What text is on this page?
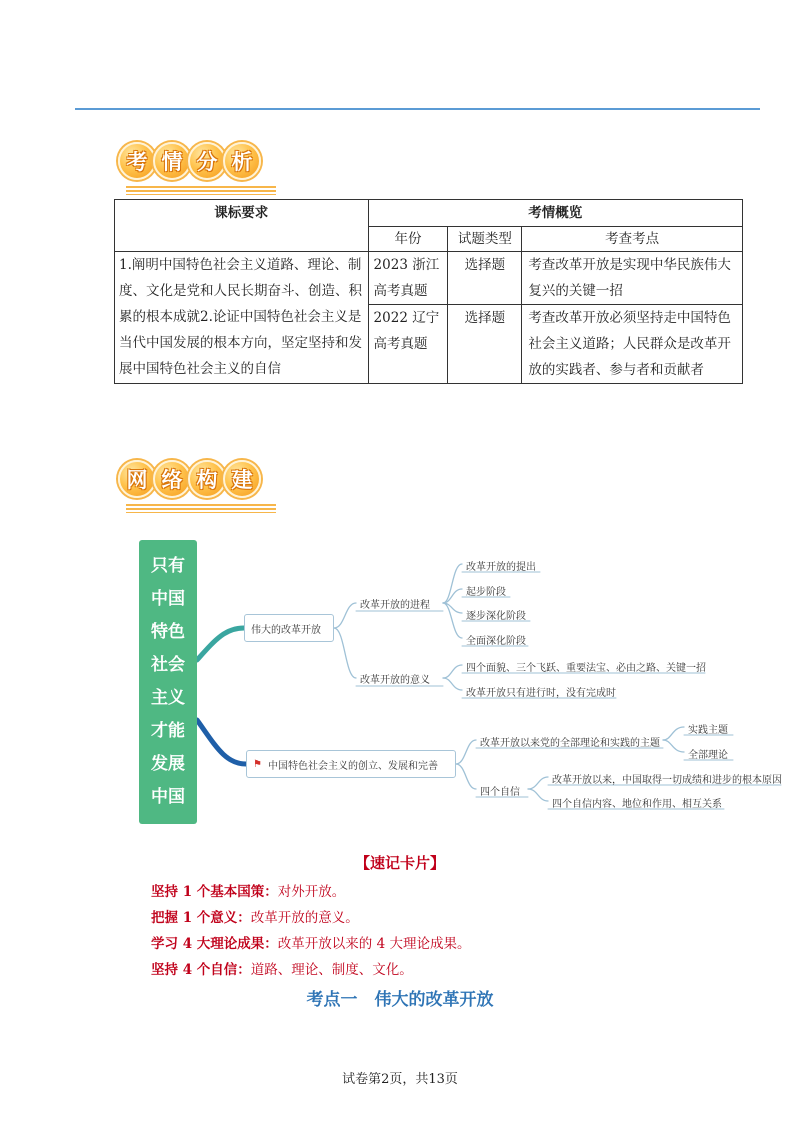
考 情 分 析
课标要求	考情概览		
	年份	试题类型	考查考点
1.阐明中国特色社会主义道路、理论、制度、文化是党和人民长期奋斗、创造、积累的根本成就2.论证中国特色社会主义是当代中国发展的根本方向，坚定坚持和发展中国特色社会主义的自信	2023 浙江高考真题	选择题	考查改革开放是实现中华民族伟大复兴的关键一招
	2022 辽宁高考真题	选择题	考查改革开放必须坚持走中国特色社会主义道路；人民群众是改革开放的实践者、参与者和贡献者
网 络 构 建
只有
中国
特色
社会
主义
才能
发展
中国
伟大的改革开放
⚑ 中国特色社会主义的创立、发展和完善
改革开放的进程
改革开放的意义
改革开放的提出
起步阶段
逐步深化阶段
全面深化阶段
四个面貌、三个飞跃、重要法宝、必由之路、关键一招
改革开放只有进行时，没有完成时
改革开放以来党的全部理论和实践的主题
四个自信
实践主题
全部理论
改革开放以来，中国取得一切成绩和进步的根本原因
四个自信内容、地位和作用、相互关系
【速记卡片】
坚持 1 个基本国策：对外开放。
把握 1 个意义：改革开放的意义。
学习 4 大理论成果：改革开放以来的 4 大理论成果。
坚持 4 个自信：道路、理论、制度、文化。
考点一　伟大的改革开放
试卷第2页，共13页
